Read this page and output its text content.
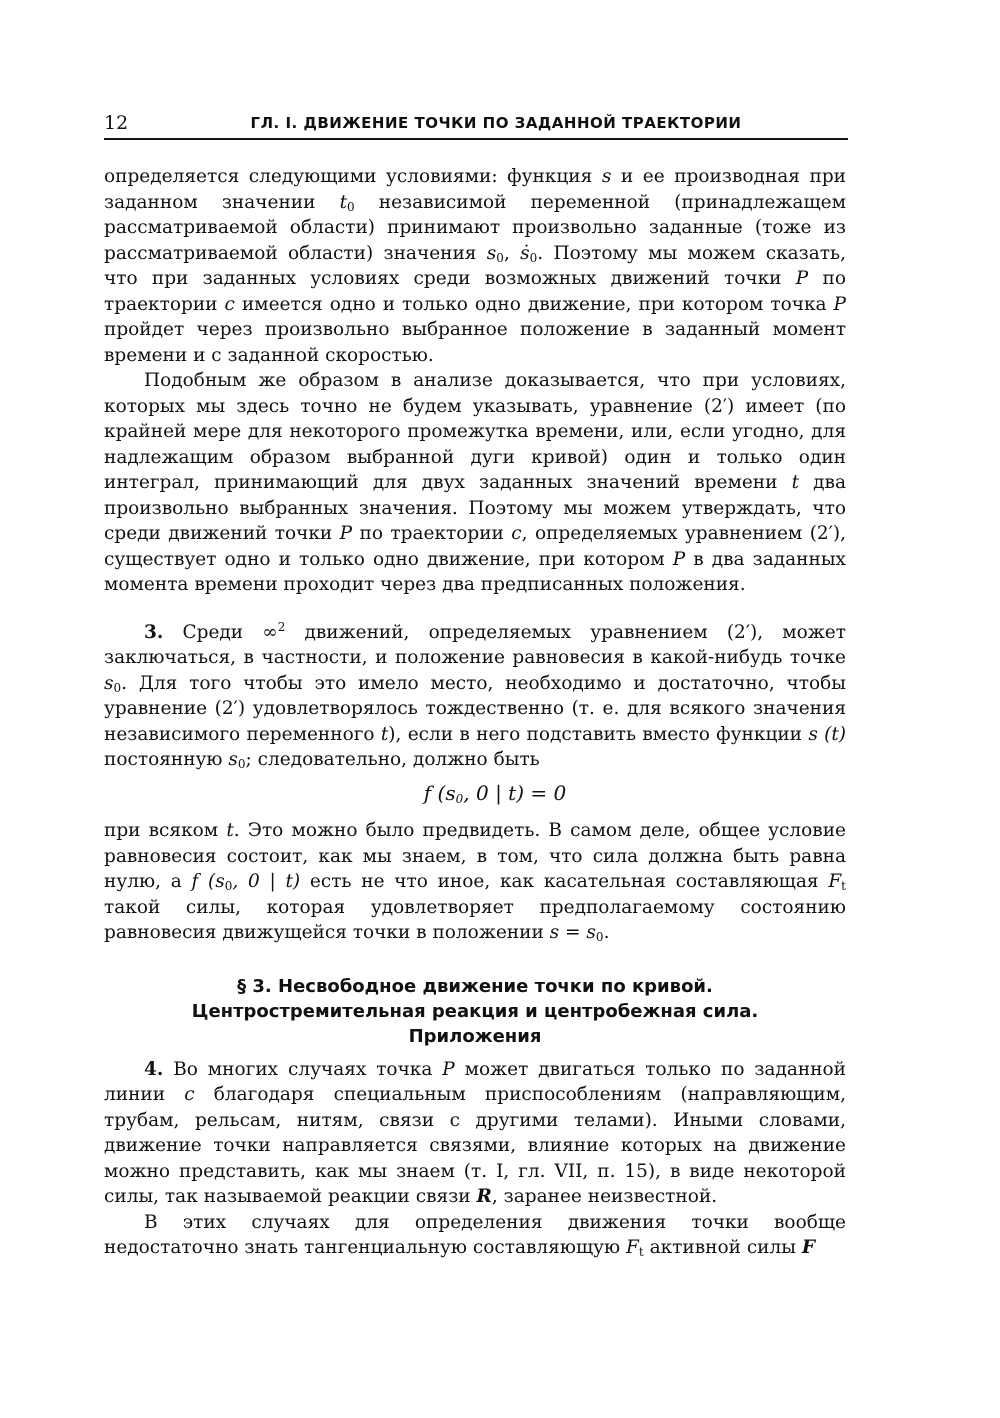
12	ГЛ. I. ДВИЖЕНИЕ ТОЧКИ ПО ЗАДАННОЙ ТРАЕКТОРИИ

определяется следующими условиями: функция s и ее производная при заданном значении $t_0$ независимой переменной (принадлежащем рассматриваемой области) принимают произвольно заданные (тоже из рассматриваемой области) значения $s_0$, ṡ$_0$. Поэтому мы можем сказать, что при заданных условиях среди возможных движений точки P по траектории c имеется одно и только одно движение, при котором точка P пройдет через произвольно выбранное положение в заданный момент времени и с заданной скоростью.

Подобным же образом в анализе доказывается, что при условиях, которых мы здесь точно не будем указывать, уравнение (2′) имеет (по крайней мере для некоторого промежутка времени, или, если угодно, для надлежащим образом выбранной дуги кривой) один и только один интеграл, принимающий для двух заданных значений времени t два произвольно выбранных значения. Поэтому мы можем утверждать, что среди движений точки P по траектории c, определяемых уравнением (2′), существует одно и только одно движение, при котором P в два заданных момента времени проходит через два предписанных положения.

3. Среди ∞$^2$ движений, определяемых уравнением (2′), может заключаться, в частности, и положение равновесия в какой-нибудь точке $s_0$. Для того чтобы это имело место, необходимо и достаточно, чтобы уравнение (2′) удовлетворялось тождественно (т. е. для всякого значения независимого переменного t), если в него подставить вместо функции s (t) постоянную $s_0$; следовательно, должно быть

f ($s_0$, 0 | t) = 0

при всяком t. Это можно было предвидеть. В самом деле, общее условие равновесия состоит, как мы знаем, в том, что сила должна быть равна нулю, а f ($s_0$, 0 | t) есть не что иное, как касательная составляющая $F_t$ такой силы, которая удовлетворяет предполагаемому состоянию равновесия движущейся точки в положении $s = s_0$.

§ 3. Несвободное движение точки по кривой.
Центростремительная реакция и центробежная сила.
Приложения

4. Во многих случаях точка P может двигаться только по заданной линии c благодаря специальным приспособлениям (направляющим, трубам, рельсам, нитям, связи с другими телами). Иными словами, движение точки направляется связями, влияние которых на движение можно представить, как мы знаем (т. I, гл. VII, п. 15), в виде некоторой силы, так называемой реакции связи R, заранее неизвестной.

В этих случаях для определения движения точки вообще недостаточно знать тангенциальную составляющую $F_t$ активной силы F
